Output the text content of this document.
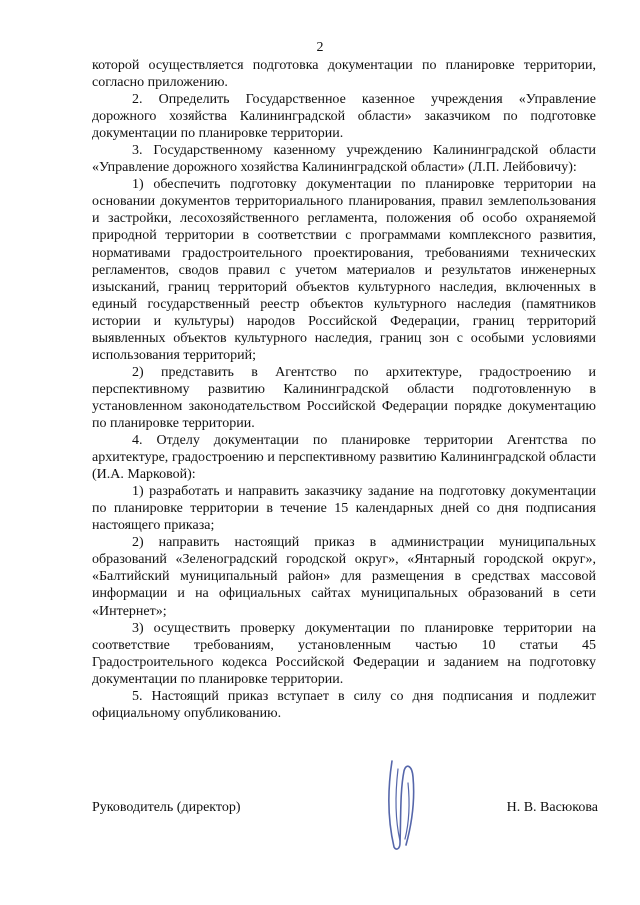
2

которой осуществляется подготовка документации по планировке территории, согласно приложению.

2. Определить Государственное казенное учреждения «Управление дорожного хозяйства Калининградской области» заказчиком по подготовке документации по планировке территории.

3. Государственному казенному учреждению Калининградской области «Управление дорожного хозяйства Калининградской области» (Л.П. Лейбовичу):

1) обеспечить подготовку документации по планировке территории на основании документов территориального планирования, правил землепользования и застройки, лесохозяйственного регламента, положения об особо охраняемой природной территории в соответствии с программами комплексного развития, нормативами градостроительного проектирования, требованиями технических регламентов, сводов правил с учетом материалов и результатов инженерных изысканий, границ территорий объектов культурного наследия, включенных в единый государственный реестр объектов культурного наследия (памятников истории и культуры) народов Российской Федерации, границ территорий выявленных объектов культурного наследия, границ зон с особыми условиями использования территорий;

2) представить в Агентство по архитектуре, градостроению и перспективному развитию Калининградской области подготовленную в установленном законодательством Российской Федерации порядке документацию по планировке территории.

4. Отделу документации по планировке территории Агентства по архитектуре, градостроению и перспективному развитию Калининградской области (И.А. Марковой):

1) разработать и направить заказчику задание на подготовку документации по планировке территории в течение 15 календарных дней со дня подписания настоящего приказа;

2) направить настоящий приказ в администрации муниципальных образований «Зеленоградский городской округ», «Янтарный городской округ», «Балтийский муниципальный район» для размещения в средствах массовой информации и на официальных сайтах муниципальных образований в сети «Интернет»;

3) осуществить проверку документации по планировке территории на соответствие требованиям, установленным частью 10 статьи 45 Градостроительного кодекса Российской Федерации и заданием на подготовку документации по планировке территории.

5. Настоящий приказ вступает в силу со дня подписания и подлежит официальному опубликованию.

Руководитель (директор)	Н. В. Васюкова
